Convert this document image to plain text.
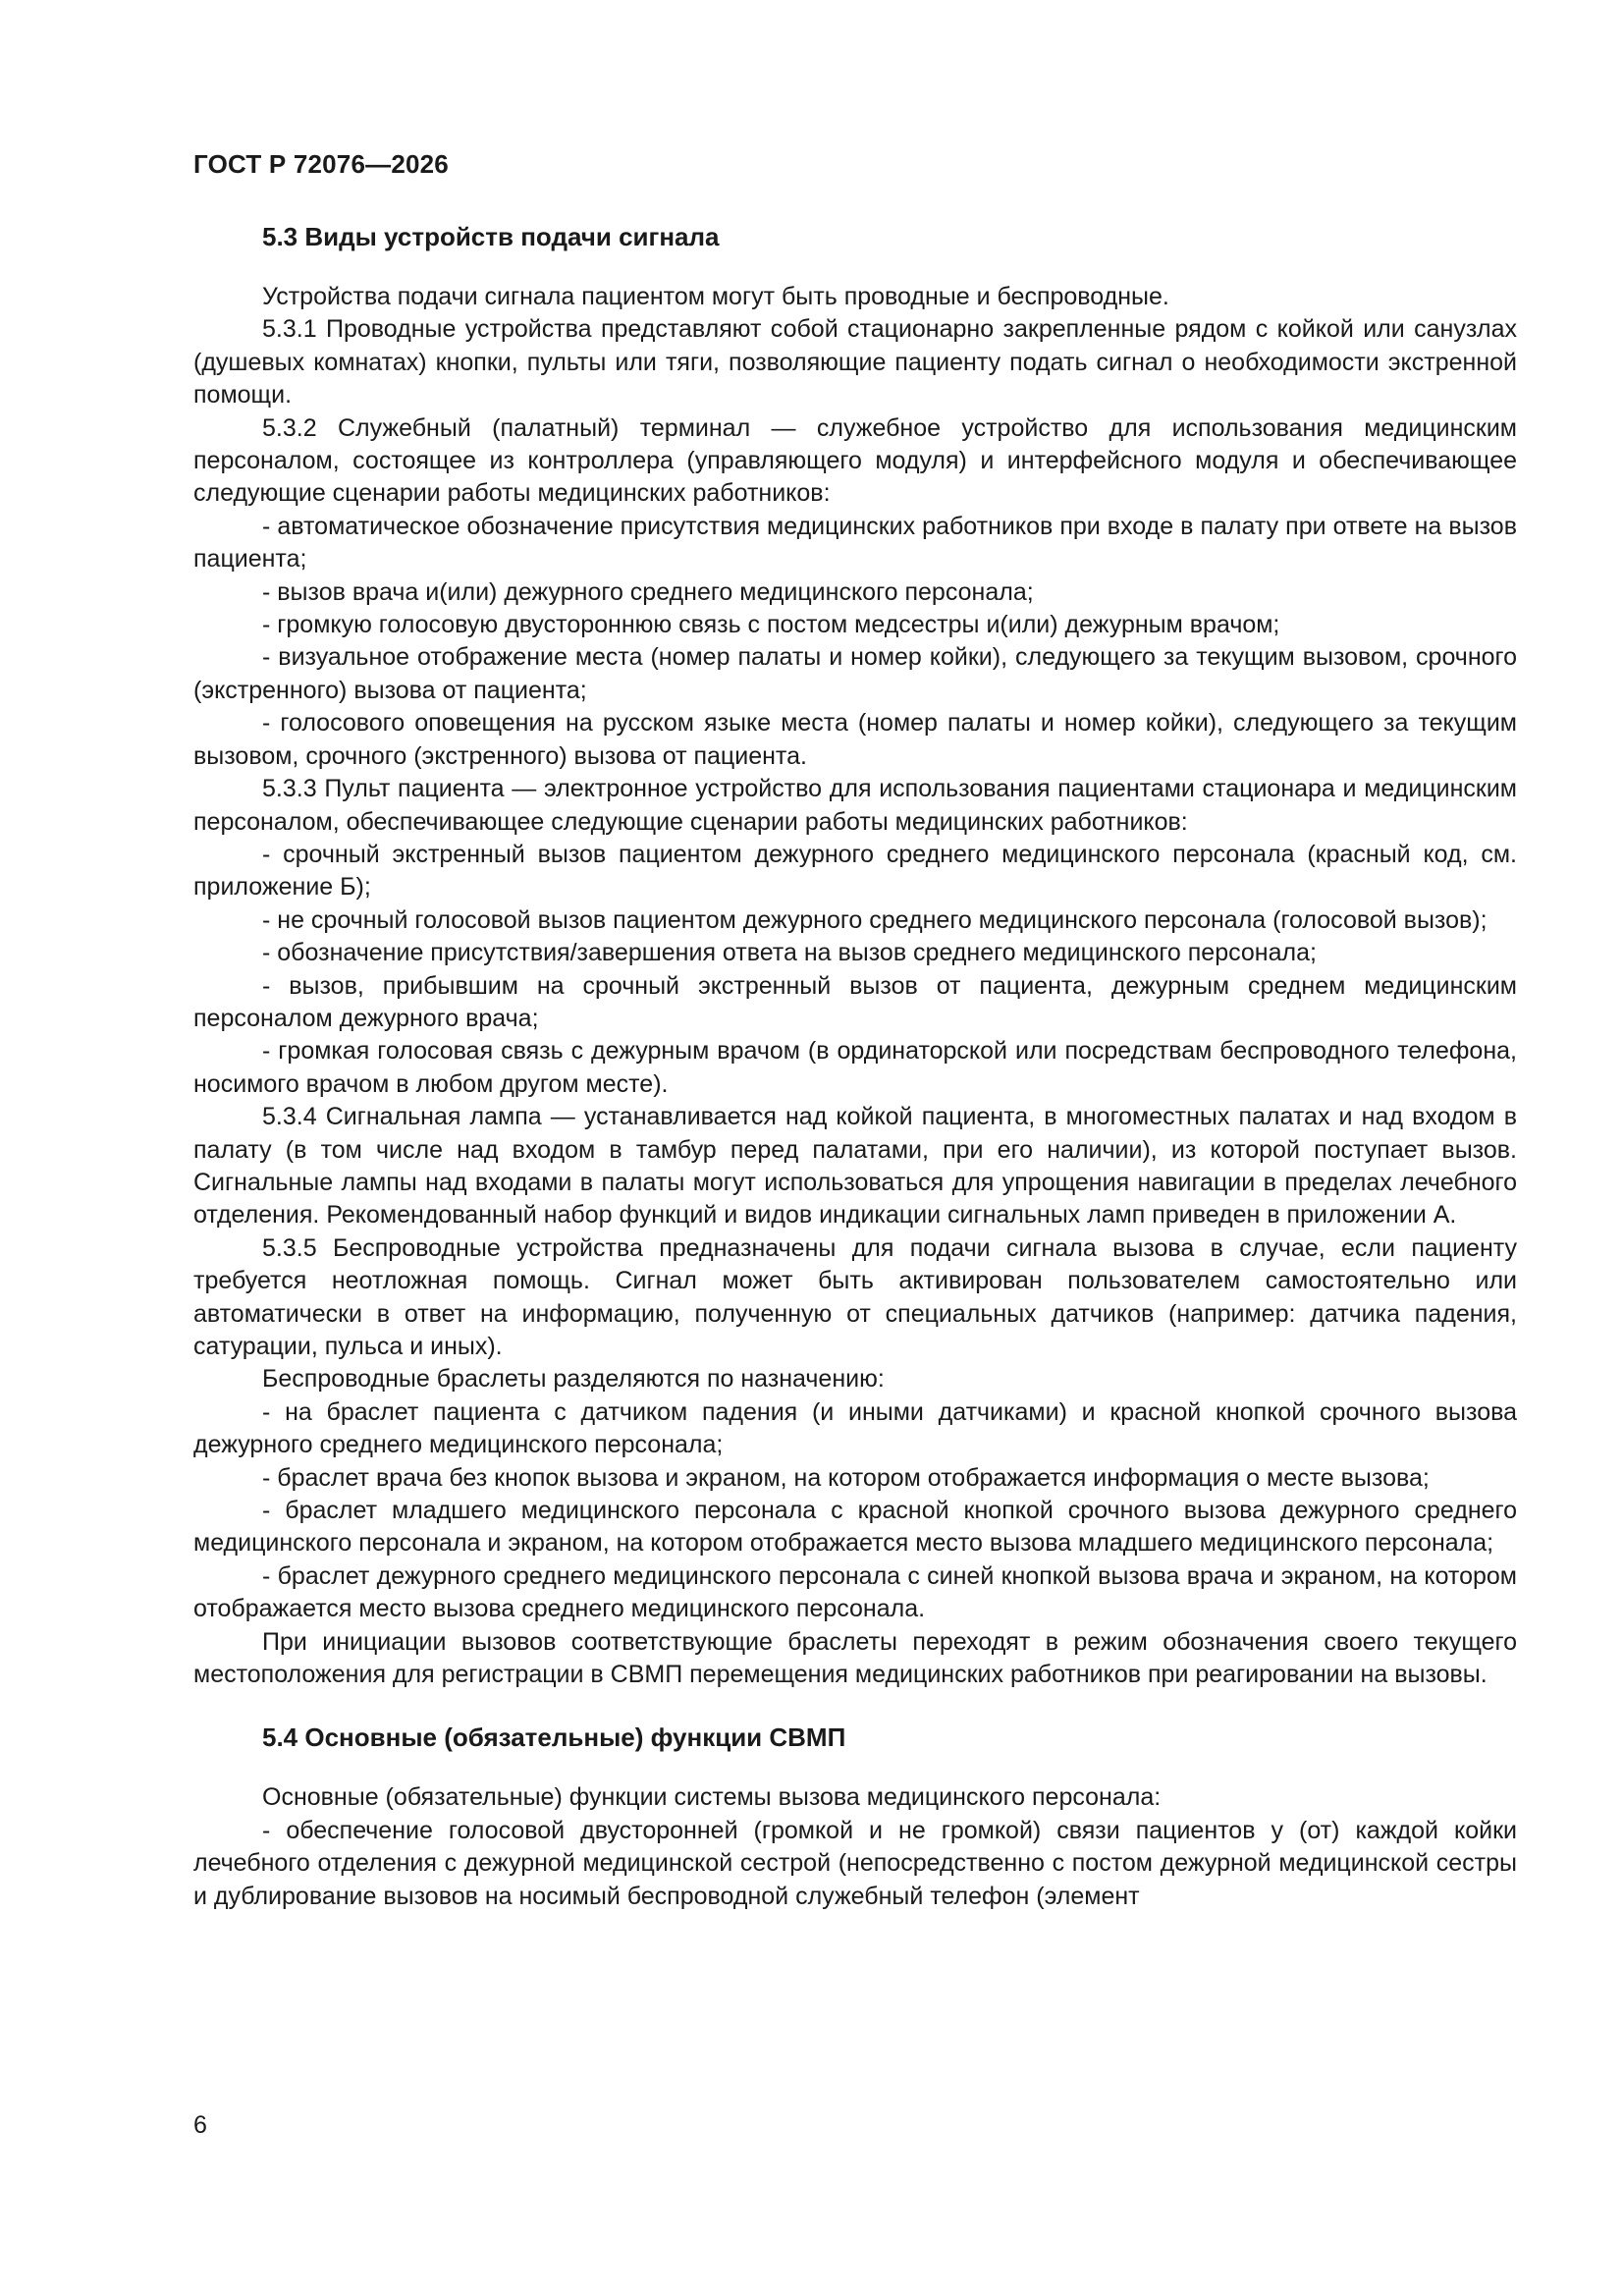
ГОСТ Р 72076—2026
5.3 Виды устройств подачи сигнала

Устройства подачи сигнала пациентом могут быть проводные и беспроводные.

5.3.1 Проводные устройства представляют собой стационарно закрепленные рядом с койкой или санузлах (душевых комнатах) кнопки, пульты или тяги, позволяющие пациенту подать сигнал о необходимости экстренной помощи.

5.3.2 Служебный (палатный) терминал — служебное устройство для использования медицинским персоналом, состоящее из контроллера (управляющего модуля) и интерфейсного модуля и обеспечивающее следующие сценарии работы медицинских работников:

- автоматическое обозначение присутствия медицинских работников при входе в палату при ответе на вызов пациента;

- вызов врача и(или) дежурного среднего медицинского персонала;

- громкую голосовую двустороннюю связь с постом медсестры и(или) дежурным врачом;

- визуальное отображение места (номер палаты и номер койки), следующего за текущим вызовом, срочного (экстренного) вызова от пациента;

- голосового оповещения на русском языке места (номер палаты и номер койки), следующего за текущим вызовом, срочного (экстренного) вызова от пациента.

5.3.3 Пульт пациента — электронное устройство для использования пациентами стационара и медицинским персоналом, обеспечивающее следующие сценарии работы медицинских работников:

- срочный экстренный вызов пациентом дежурного среднего медицинского персонала (красный код, см. приложение Б);

- не срочный голосовой вызов пациентом дежурного среднего медицинского персонала (голосовой вызов);

- обозначение присутствия/завершения ответа на вызов среднего медицинского персонала;

- вызов, прибывшим на срочный экстренный вызов от пациента, дежурным среднем медицинским персоналом дежурного врача;

- громкая голосовая связь с дежурным врачом (в ординаторской или посредствам беспроводного телефона, носимого врачом в любом другом месте).

5.3.4 Сигнальная лампа — устанавливается над койкой пациента, в многоместных палатах и над входом в палату (в том числе над входом в тамбур перед палатами, при его наличии), из которой поступает вызов. Сигнальные лампы над входами в палаты могут использоваться для упрощения навигации в пределах лечебного отделения. Рекомендованный набор функций и видов индикации сигнальных ламп приведен в приложении А.

5.3.5 Беспроводные устройства предназначены для подачи сигнала вызова в случае, если пациенту требуется неотложная помощь. Сигнал может быть активирован пользователем самостоятельно или автоматически в ответ на информацию, полученную от специальных датчиков (например: датчика падения, сатурации, пульса и иных).

Беспроводные браслеты разделяются по назначению:

- на браслет пациента с датчиком падения (и иными датчиками) и красной кнопкой срочного вызова дежурного среднего медицинского персонала;

- браслет врача без кнопок вызова и экраном, на котором отображается информация о месте вызова;

- браслет младшего медицинского персонала с красной кнопкой срочного вызова дежурного среднего медицинского персонала и экраном, на котором отображается место вызова младшего медицинского персонала;

- браслет дежурного среднего медицинского персонала с синей кнопкой вызова врача и экраном, на котором отображается место вызова среднего медицинского персонала.

При инициации вызовов соответствующие браслеты переходят в режим обозначения своего текущего местоположения для регистрации в СВМП перемещения медицинских работников при реагировании на вызовы.

5.4 Основные (обязательные) функции СВМП

Основные (обязательные) функции системы вызова медицинского персонала:

- обеспечение голосовой двусторонней (громкой и не громкой) связи пациентов у (от) каждой койки лечебного отделения с дежурной медицинской сестрой (непосредственно с постом дежурной медицинской сестры и дублирование вызовов на носимый беспроводной служебный телефон (элемент

6
